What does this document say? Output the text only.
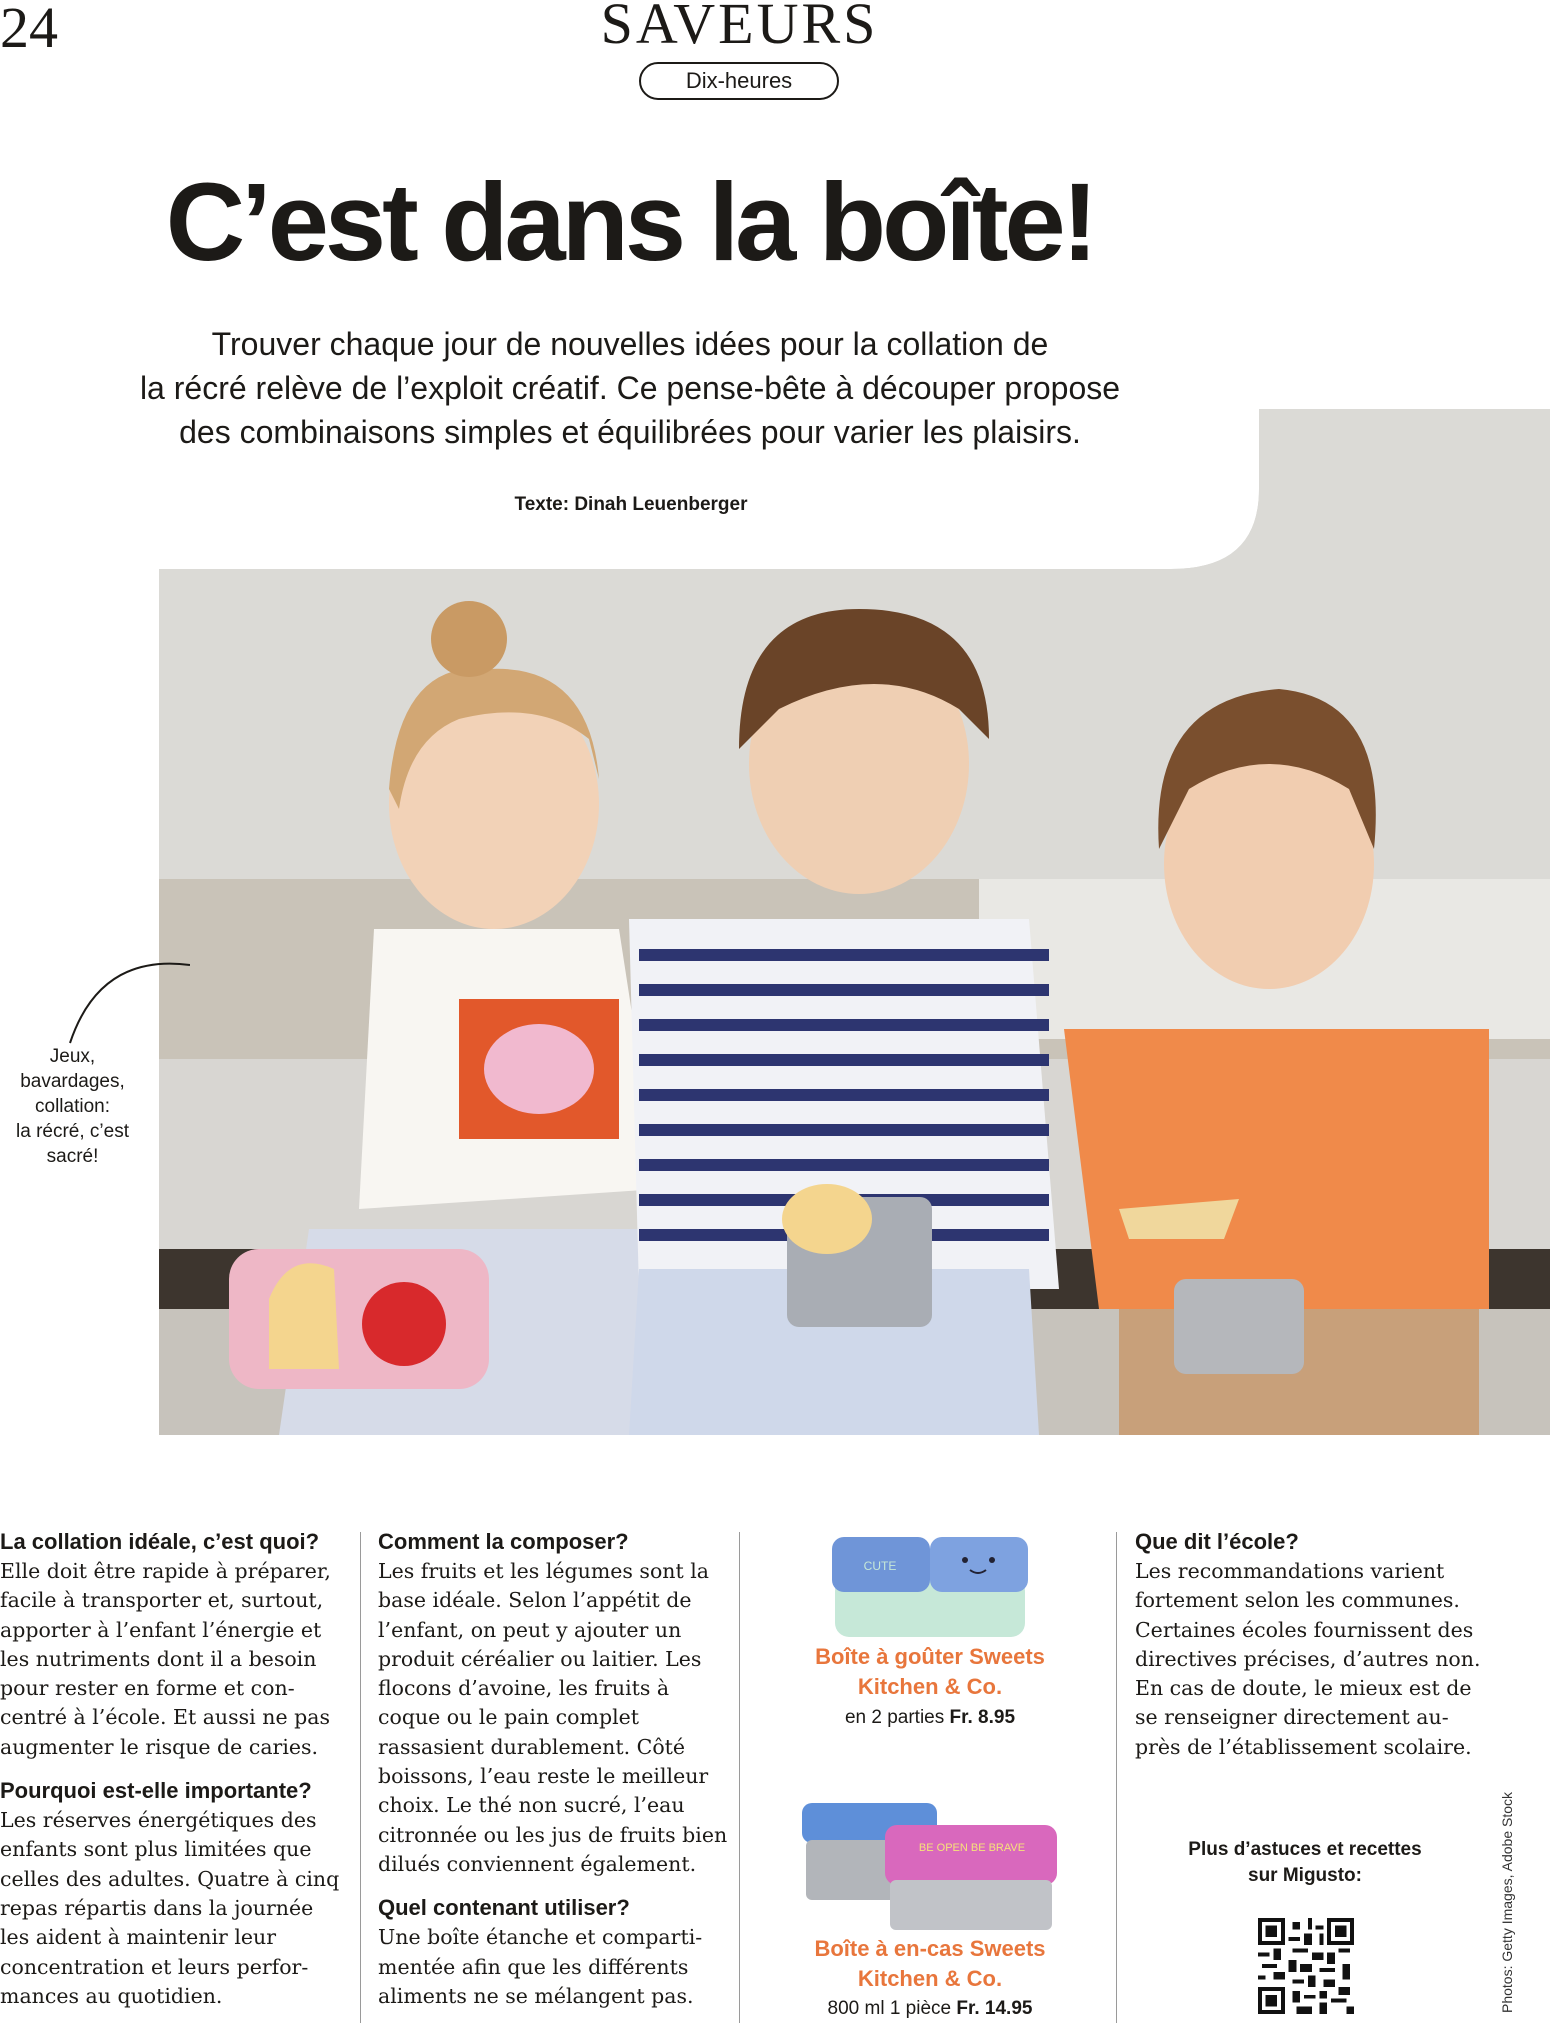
24	SAVEURS
Dix-heures
C’est dans la boîte!
Trouver chaque jour de nouvelles idées pour la collation de
la récré relève de l’exploit créatif. Ce pense-bête à découper propose
des combinaisons simples et équilibrées pour varier les plaisirs.
Texte: Dinah Leuenberger
Jeux,
bavardages,
collation:
la récré, c’est
sacré!
La collation idéale, c’est quoi?

Elle doit être rapide à préparer,
facile à transporter et, surtout,
apporter à l’enfant l’énergie et
les nutriments dont il a besoin
pour rester en forme et con-
centré à l’école. Et aussi ne pas
augmenter le risque de caries.

Pourquoi est-elle importante?

Les réserves énergétiques des
enfants sont plus limitées que
celles des adultes. Quatre à cinq
repas répartis dans la journée
les aident à maintenir leur
concentration et leurs perfor-
mances au quotidien.

Comment la composer?

Les fruits et les légumes sont la
base idéale. Selon l’appétit de
l’enfant, on peut y ajouter un
produit céréalier ou laitier. Les
flocons d’avoine, les fruits à
coque ou le pain complet
rassasient durablement. Côté
boissons, l’eau reste le meilleur
choix. Le thé non sucré, l’eau
citronnée ou les jus de fruits bien
dilués conviennent également.

Quel contenant utiliser?

Une boîte étanche et comparti-
mentée afin que les différents
aliments ne se mélangent pas.

CUTE
Boîte à goûter Sweets
Kitchen & Co.
en 2 parties Fr. 8.95
BE OPEN BE BRAVE
Boîte à en-cas Sweets
Kitchen & Co.
800 ml 1 pièce Fr. 14.95
Que dit l’école?

Les recommandations varient
fortement selon les communes.
Certaines écoles fournissent des
directives précises, d’autres non.
En cas de doute, le mieux est de
se renseigner directement au-
près de l’établissement scolaire.

Plus d’astuces et recettes
sur Migusto:	Photos: Getty Images, Adobe Stock
